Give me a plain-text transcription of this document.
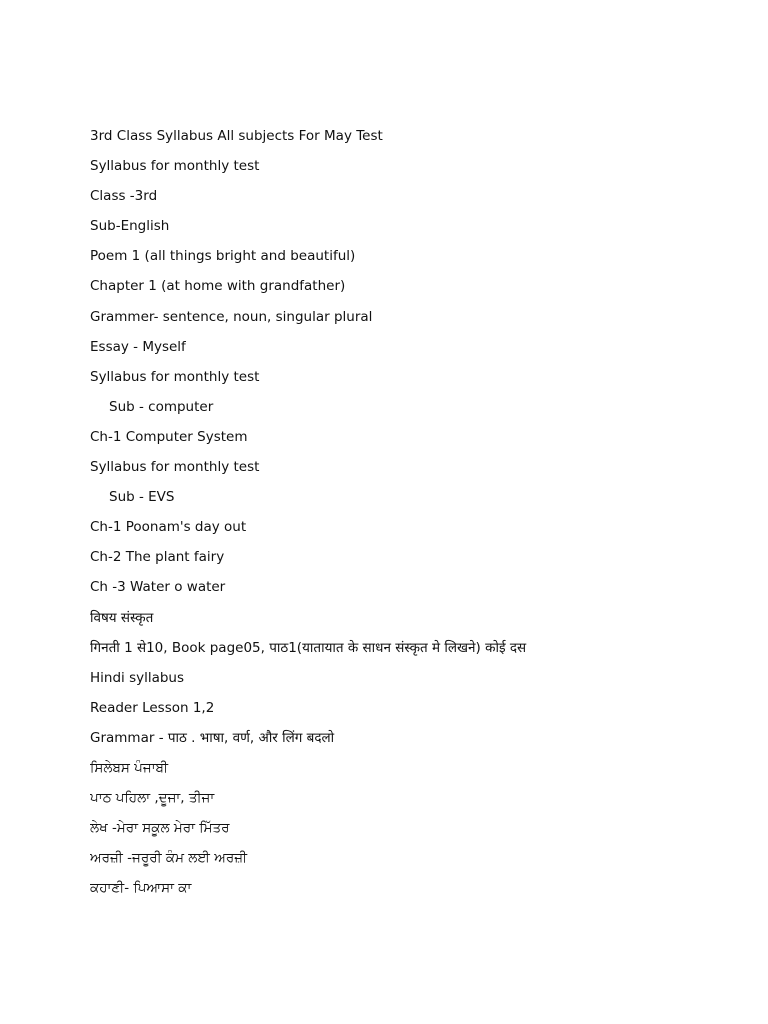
3rd Class Syllabus All subjects For May Test
Syllabus for monthly test
Class -3rd
Sub-English
Poem 1 (all things bright and beautiful)
Chapter 1 (at home with grandfather)
Grammer- sentence, noun, singular plural
Essay - Myself
Syllabus for monthly test
Sub - computer
Ch-1 Computer System
Syllabus for monthly test
Sub - EVS
Ch-1 Poonam's day out
Ch-2 The plant fairy
Ch -3 Water o water
विषय संस्कृत
गिनती 1 से10, Book page05, पाठ1(यातायात के साधन संस्कृत मे लिखने) कोई दस
Hindi syllabus
Reader Lesson 1,2
Grammar - पाठ . भाषा, वर्ण, और लिंग बदलो
ਸਿਲੇਬਸ ਪੰਜਾਬੀ
ਪਾਠ ਪਹਿਲਾ ,ਦੂਜਾ, ਤੀਜਾ
ਲੇਖ -ਮੇਰਾ ਸਕੂਲ ਮੇਰਾ ਮਿੱਤਰ
ਅਰਜ਼ੀ -ਜਰੂਰੀ ਕੰਮ ਲਈ ਅਰਜ਼ੀ
ਕਹਾਣੀ- ਪਿਆਸਾ ਕਾ
